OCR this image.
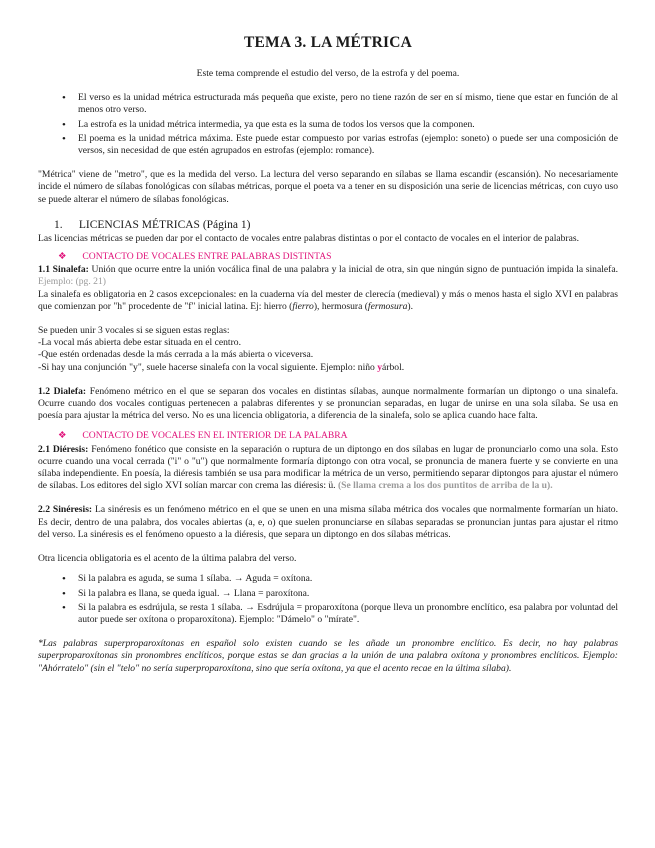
TEMA 3. LA MÉTRICA

Este tema comprende el estudio del verso, de la estrofa y del poema.

• El verso es la unidad métrica estructurada más pequeña que existe, pero no tiene razón de ser en sí mismo, tiene que estar en función de al menos otro verso.
• La estrofa es la unidad métrica intermedia, ya que esta es la suma de todos los versos que la componen.
• El poema es la unidad métrica máxima. Este puede estar compuesto por varias estrofas (ejemplo: soneto) o puede ser una composición de versos, sin necesidad de que estén agrupados en estrofas (ejemplo: romance).

"Métrica" viene de "metro", que es la medida del verso. La lectura del verso separando en sílabas se llama escandir (escansión). No necesariamente incide el número de sílabas fonológicas con sílabas métricas, porque el poeta va a tener en su disposición una serie de licencias métricas, con cuyo uso se puede alterar el número de sílabas fonológicas.

1. LICENCIAS MÉTRICAS (Página 1)

Las licencias métricas se pueden dar por el contacto de vocales entre palabras distintas o por el contacto de vocales en el interior de palabras.

❖ CONTACTO DE VOCALES ENTRE PALABRAS DISTINTAS

1.1 Sinalefa: Unión que ocurre entre la unión vocálica final de una palabra y la inicial de otra, sin que ningún signo de puntuación impida la sinalefa. Ejemplo: (pg. 21)

La sinalefa es obligatoria en 2 casos excepcionales: en la cuaderna vía del mester de clerecía (medieval) y más o menos hasta el siglo XVI en palabras que comienzan por "h" procedente de "f" inicial latina. Ej: hierro (fierro), hermosura (fermosura).

Se pueden unir 3 vocales si se siguen estas reglas:

-La vocal más abierta debe estar situada en el centro.

-Que estén ordenadas desde la más cerrada a la más abierta o viceversa.

-Si hay una conjunción "y", suele hacerse sinalefa con la vocal siguiente. Ejemplo: niño yárbol.

1.2 Dialefa: Fenómeno métrico en el que se separan dos vocales en distintas sílabas, aunque normalmente formarían un diptongo o una sinalefa. Ocurre cuando dos vocales contiguas pertenecen a palabras diferentes y se pronuncian separadas, en lugar de unirse en una sola sílaba. Se usa en poesía para ajustar la métrica del verso. No es una licencia obligatoria, a diferencia de la sinalefa, solo se aplica cuando hace falta.

❖ CONTACTO DE VOCALES EN EL INTERIOR DE LA PALABRA

2.1 Diéresis: Fenómeno fonético que consiste en la separación o ruptura de un diptongo en dos sílabas en lugar de pronunciarlo como una sola. Esto ocurre cuando una vocal cerrada ("i" o "u") que normalmente formaría diptongo con otra vocal, se pronuncia de manera fuerte y se convierte en una sílaba independiente. En poesía, la diéresis también se usa para modificar la métrica de un verso, permitiendo separar diptongos para ajustar el número de sílabas. Los editores del siglo XVI solían marcar con crema las diéresis: ü. (Se llama crema a los dos puntitos de arriba de la u).

2.2 Sinéresis: La sinéresis es un fenómeno métrico en el que se unen en una misma sílaba métrica dos vocales que normalmente formarían un hiato. Es decir, dentro de una palabra, dos vocales abiertas (a, e, o) que suelen pronunciarse en sílabas separadas se pronuncian juntas para ajustar el ritmo del verso. La sinéresis es el fenómeno opuesto a la diéresis, que separa un diptongo en dos sílabas métricas.

Otra licencia obligatoria es el acento de la última palabra del verso.

• Si la palabra es aguda, se suma 1 sílaba. → Aguda = oxítona.
• Si la palabra es llana, se queda igual. → Llana = paroxítona.
• Si la palabra es esdrújula, se resta 1 sílaba. → Esdrújula = proparoxítona (porque lleva un pronombre enclítico, esa palabra por voluntad del autor puede ser oxítona o proparoxítona). Ejemplo: "Dámelo" o "mírate".

*Las palabras superproparoxítonas en español solo existen cuando se les añade un pronombre enclítico. Es decir, no hay palabras superproparoxítonas sin pronombres enclíticos, porque estas se dan gracias a la unión de una palabra oxítona y pronombres enclíticos. Ejemplo: "Ahórratelo" (sin el "telo" no sería superproparoxítona, sino que sería oxítona, ya que el acento recae en la última sílaba).
